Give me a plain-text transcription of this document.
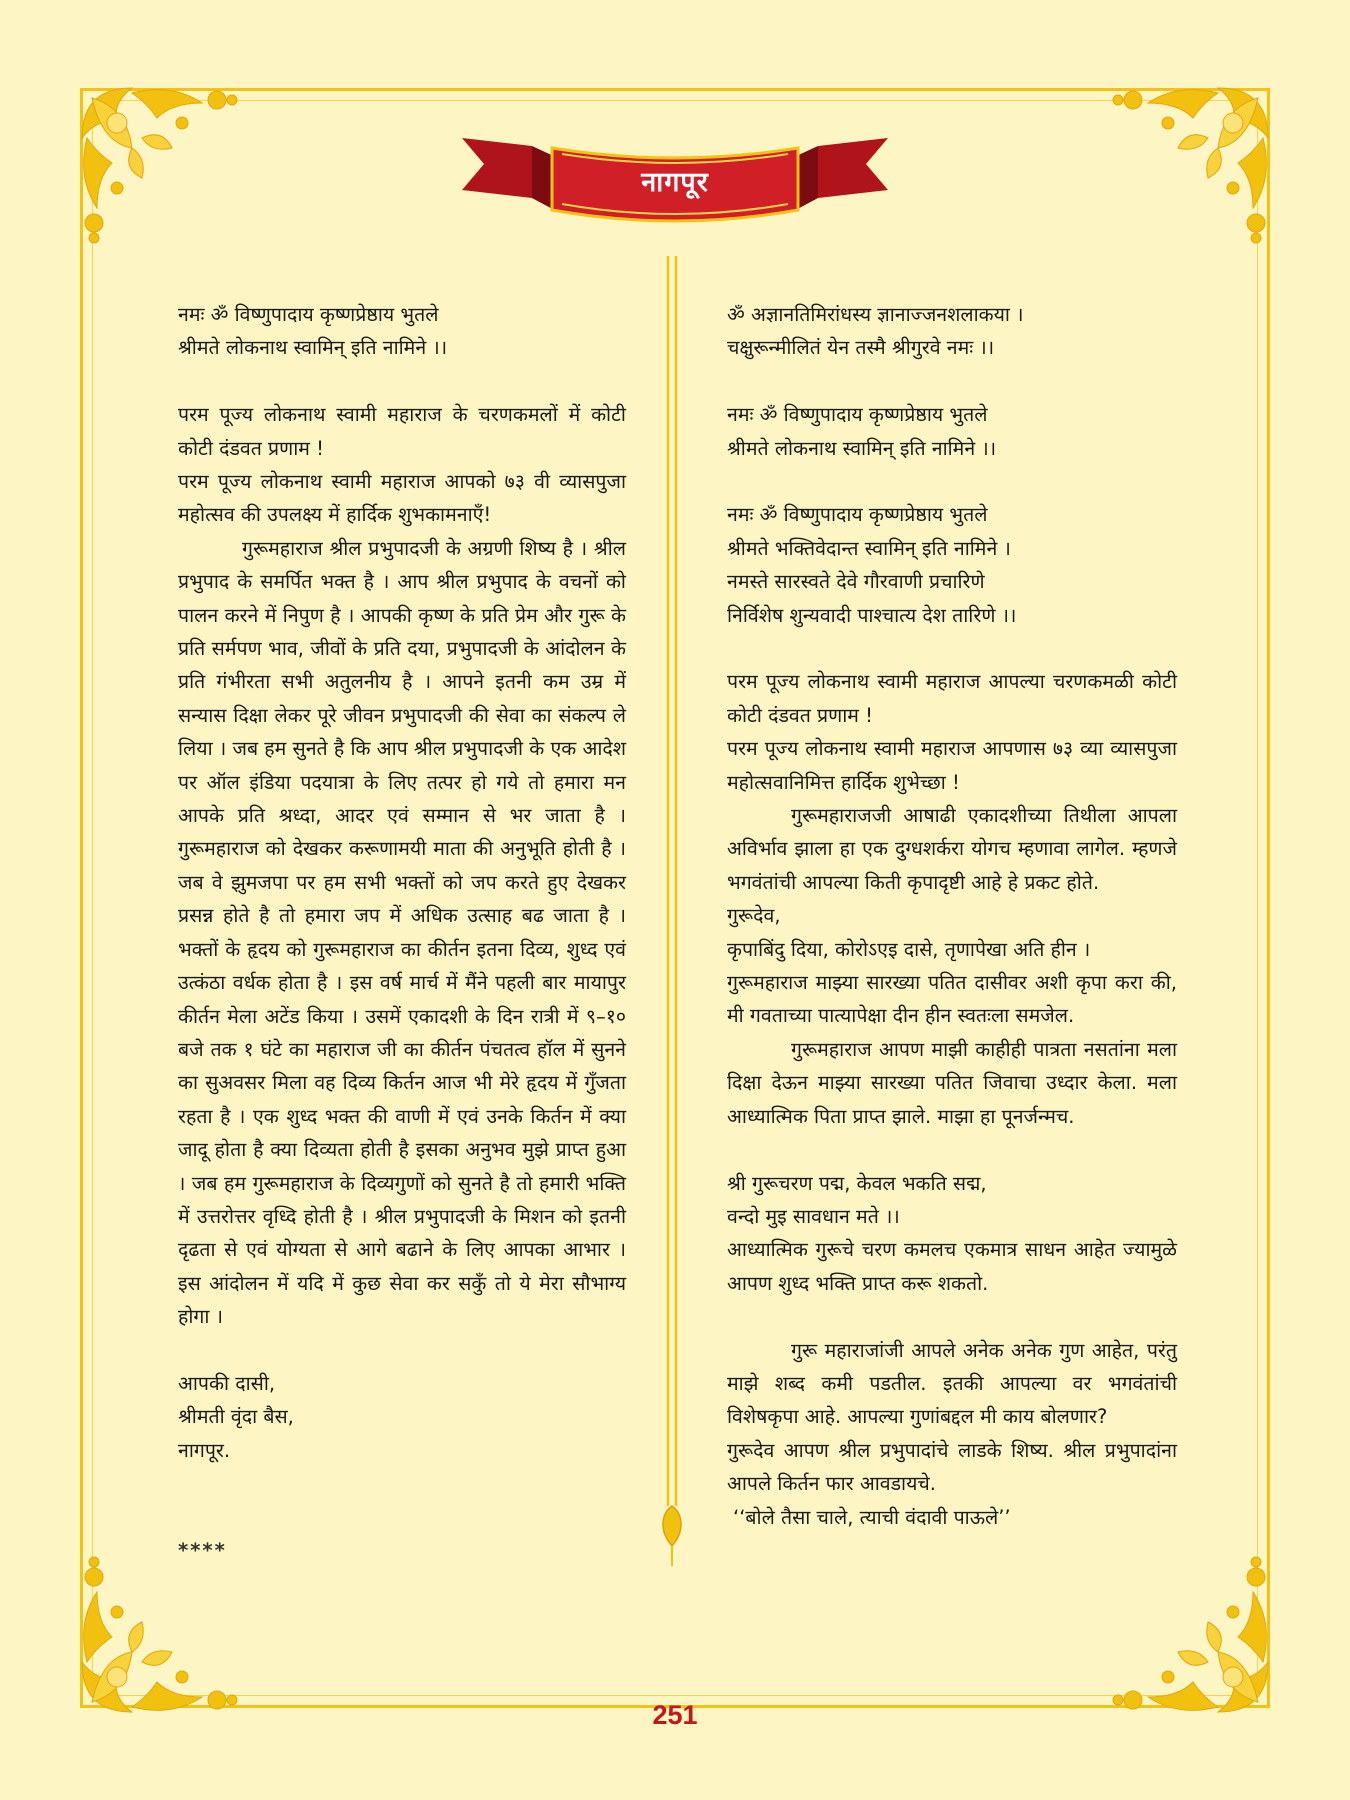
नागपूर

नमः ॐ विष्णुपादाय कृष्णप्रेष्ठाय भुतले

श्रीमते लोकनाथ स्वामिन् इति नामिने ।।

परम पूज्य लोकनाथ स्वामी महाराज के चरणकमलों में कोटी कोटी दंडवत प्रणाम !

परम पूज्य लोकनाथ स्वामी महाराज आपको ७३ वी व्यासपुजा महोत्सव की उपलक्ष्य में हार्दिक शुभकामनाएँ!

गुरूमहाराज श्रील प्रभुपादजी के अग्रणी शिष्य है । श्रील प्रभुपाद के समर्पित भक्त है । आप श्रील प्रभुपाद के वचनों को पालन करने में निपुण है । आपकी कृष्ण के प्रति प्रेम और गुरू के प्रति सर्मपण भाव, जीवों के प्रति दया, प्रभुपादजी के आंदोलन के प्रति गंभीरता सभी अतुलनीय है । आपने इतनी कम उम्र में सन्यास दिक्षा लेकर पूरे जीवन प्रभुपादजी की सेवा का संकल्प ले लिया । जब हम सुनते है कि आप श्रील प्रभुपादजी के एक आदेश पर ऑल इंडिया पदयात्रा के लिए तत्पर हो गये तो हमारा मन आपके प्रति श्रध्दा, आदर एवं सम्मान से भर जाता है । गुरूमहाराज को देखकर करूणामयी माता की अनुभूति होती है । जब वे झुमजपा पर हम सभी भक्तों को जप करते हुए देखकर प्रसन्न होते है तो हमारा जप में अधिक उत्साह बढ जाता है । भक्तों के हृदय को गुरूमहाराज का कीर्तन इतना दिव्य, शुध्द एवं उत्कंठा वर्धक होता है । इस वर्ष मार्च में मैंने पहली बार मायापुर कीर्तन मेला अटेंड किया । उसमें एकादशी के दिन रात्री में ९–१० बजे तक १ घंटे का महाराज जी का कीर्तन पंचतत्व हॉल में सुनने का सुअवसर मिला वह दिव्य किर्तन आज भी मेरे हृदय में गुँजता रहता है । एक शुध्द भक्त की वाणी में एवं उनके किर्तन में क्या जादू होता है क्या दिव्यता होती है इसका अनुभव मुझे प्राप्त हुआ । जब हम गुरूमहाराज के दिव्यगुणों को सुनते है तो हमारी भक्ति में उत्तरोत्तर वृध्दि होती है । श्रील प्रभुपादजी के मिशन को इतनी दृढता से एवं योग्यता से आगे बढाने के लिए आपका आभार । इस आंदोलन में यदि में कुछ सेवा कर सकुँ तो ये मेरा सौभाग्य होगा ।

आपकी दासी,

श्रीमती वृंदा बैस,

नागपूर.

****

ॐ अज्ञानतिमिरांधस्य ज्ञानाज्जनशलाकया ।

चक्षुरून्मीलितं येन तस्मै श्रीगुरवे नमः ।।

नमः ॐ विष्णुपादाय कृष्णप्रेष्ठाय भुतले

श्रीमते लोकनाथ स्वामिन् इति नामिने ।।

नमः ॐ विष्णुपादाय कृष्णप्रेष्ठाय भुतले

श्रीमते भक्तिवेदान्त स्वामिन् इति नामिने ।

नमस्ते सारस्वते देवे गौरवाणी प्रचारिणे

निर्विशेष शुन्यवादी पाश्चात्य देश तारिणे ।।

परम पूज्य लोकनाथ स्वामी महाराज आपल्या चरणकमळी कोटी कोटी दंडवत प्रणाम !

परम पूज्य लोकनाथ स्वामी महाराज आपणास ७३ व्या व्यासपुजा महोत्सवानिमित्त हार्दिक शुभेच्छा !

गुरूमहाराजजी आषाढी एकादशीच्या तिथीला आपला अविर्भाव झाला हा एक दुग्धशर्करा योगच म्हणावा लागेल. म्हणजे भगवंतांची आपल्या किती कृपादृष्टी आहे हे प्रकट होते.

गुरूदेव,

कृपाबिंदु दिया, कोरोऽएइ दासे, तृणापेखा अति हीन ।

गुरूमहाराज माझ्या सारख्या पतित दासीवर अशी कृपा करा की, मी गवताच्या पात्यापेक्षा दीन हीन स्वतःला समजेल.

गुरूमहाराज आपण माझी काहीही पात्रता नसतांना मला दिक्षा देऊन माझ्या सारख्या पतित जिवाचा उध्दार केला. मला आध्यात्मिक पिता प्राप्त झाले. माझा हा पूनर्जन्मच.

श्री गुरूचरण पद्म, केवल भकति सद्म,

वन्दो मुइ सावधान मते ।।

आध्यात्मिक गुरूचे चरण कमलच एकमात्र साधन आहेत ज्यामुळे आपण शुध्द भक्ति प्राप्त करू शकतो.

गुरू महाराजांजी आपले अनेक अनेक गुण आहेत, परंतु माझे शब्द कमी पडतील. इतकी आपल्या वर भगवंतांची विशेषकृपा आहे. आपल्या गुणांबद्दल मी काय बोलणार?

गुरूदेव आपण श्रील प्रभुपादांचे लाडके शिष्य. श्रील प्रभुपादांना आपले किर्तन फार आवडायचे.

‘‘बोले तैसा चाले, त्याची वंदावी पाऊले’’

251
